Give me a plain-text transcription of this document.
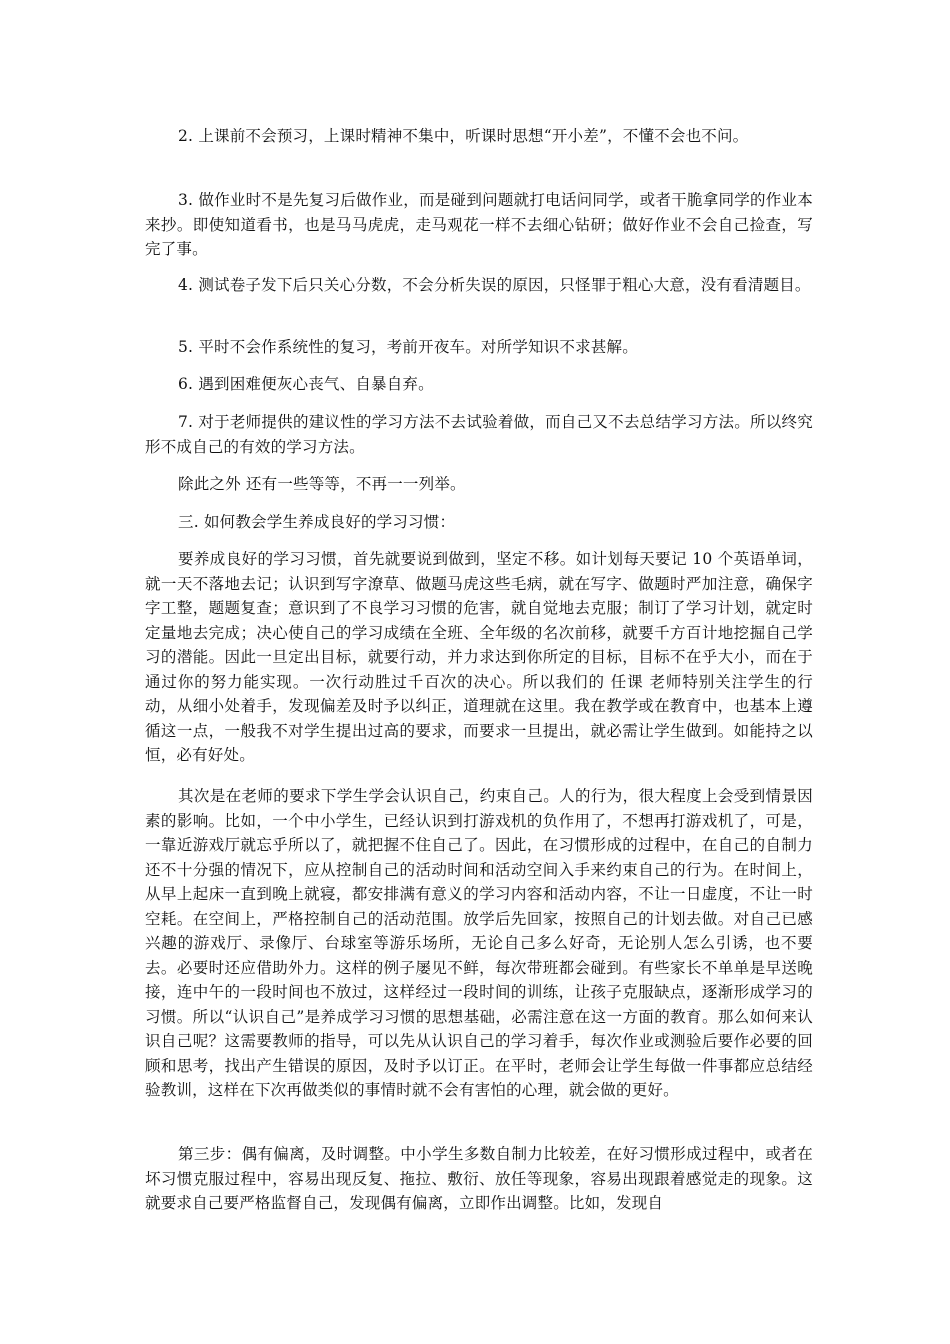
2. 上课前不会预习，上课时精神不集中，听课时思想“开小差”，不懂不会也不问。

3. 做作业时不是先复习后做作业，而是碰到问题就打电话问同学，或者干脆拿同学的作业本来抄。即使知道看书，也是马马虎虎，走马观花一样不去细心钻研；做好作业不会自己捡查，写完了事。

4. 测试卷子发下后只关心分数，不会分析失误的原因，只怪罪于粗心大意，没有看清题目。

5. 平时不会作系统性的复习，考前开夜车。对所学知识不求甚解。

6. 遇到困难便灰心丧气、自暴自弃。

7. 对于老师提供的建议性的学习方法不去试验着做，而自己又不去总结学习方法。所以终究形不成自己的有效的学习方法。

除此之外 还有一些等等，不再一一列举。

三. 如何教会学生养成良好的学习习惯：

要养成良好的学习习惯，首先就要说到做到，坚定不移。如计划每天要记 10 个英语单词，就一天不落地去记；认识到写字潦草、做题马虎这些毛病，就在写字、做题时严加注意，确保字字工整，题题复查；意识到了不良学习习惯的危害，就自觉地去克服；制订了学习计划，就定时定量地去完成；决心使自己的学习成绩在全班、全年级的名次前移，就要千方百计地挖掘自己学习的潜能。因此一旦定出目标，就要行动，并力求达到你所定的目标，目标不在乎大小，而在于通过你的努力能实现。一次行动胜过千百次的决心。所以我们的 任课 老师特别关注学生的行动，从细小处着手，发现偏差及时予以纠正，道理就在这里。我在教学或在教育中，也基本上遵循这一点，一般我不对学生提出过高的要求，而要求一旦提出，就必需让学生做到。如能持之以恒，必有好处。

其次是在老师的要求下学生学会认识自己，约束自己。人的行为，很大程度上会受到情景因素的影响。比如，一个中小学生，已经认识到打游戏机的负作用了，不想再打游戏机了，可是，一靠近游戏厅就忘乎所以了，就把握不住自己了。因此，在习惯形成的过程中，在自己的自制力还不十分强的情况下，应从控制自己的活动时间和活动空间入手来约束自己的行为。在时间上，从早上起床一直到晚上就寝，都安排满有意义的学习内容和活动内容，不让一日虚度，不让一时空耗。在空间上，严格控制自己的活动范围。放学后先回家，按照自己的计划去做。对自己已感兴趣的游戏厅、录像厅、台球室等游乐场所，无论自己多么好奇，无论别人怎么引诱，也不要去。必要时还应借助外力。这样的例子屡见不鲜，每次带班都会碰到。有些家长不单单是早送晚接，连中午的一段时间也不放过，这样经过一段时间的训练，让孩子克服缺点，逐渐形成学习的习惯。所以“认识自己”是养成学习习惯的思想基础，必需注意在这一方面的教育。那么如何来认识自己呢？这需要教师的指导，可以先从认识自己的学习着手，每次作业或测验后要作必要的回顾和思考，找出产生错误的原因，及时予以订正。在平时，老师会让学生每做一件事都应总结经验教训，这样在下次再做类似的事情时就不会有害怕的心理，就会做的更好。

第三步：偶有偏离，及时调整。中小学生多数自制力比较差，在好习惯形成过程中，或者在坏习惯克服过程中，容易出现反复、拖拉、敷衍、放任等现象，容易出现跟着感觉走的现象。这就要求自己要严格监督自己，发现偶有偏离，立即作出调整。比如，发现自
